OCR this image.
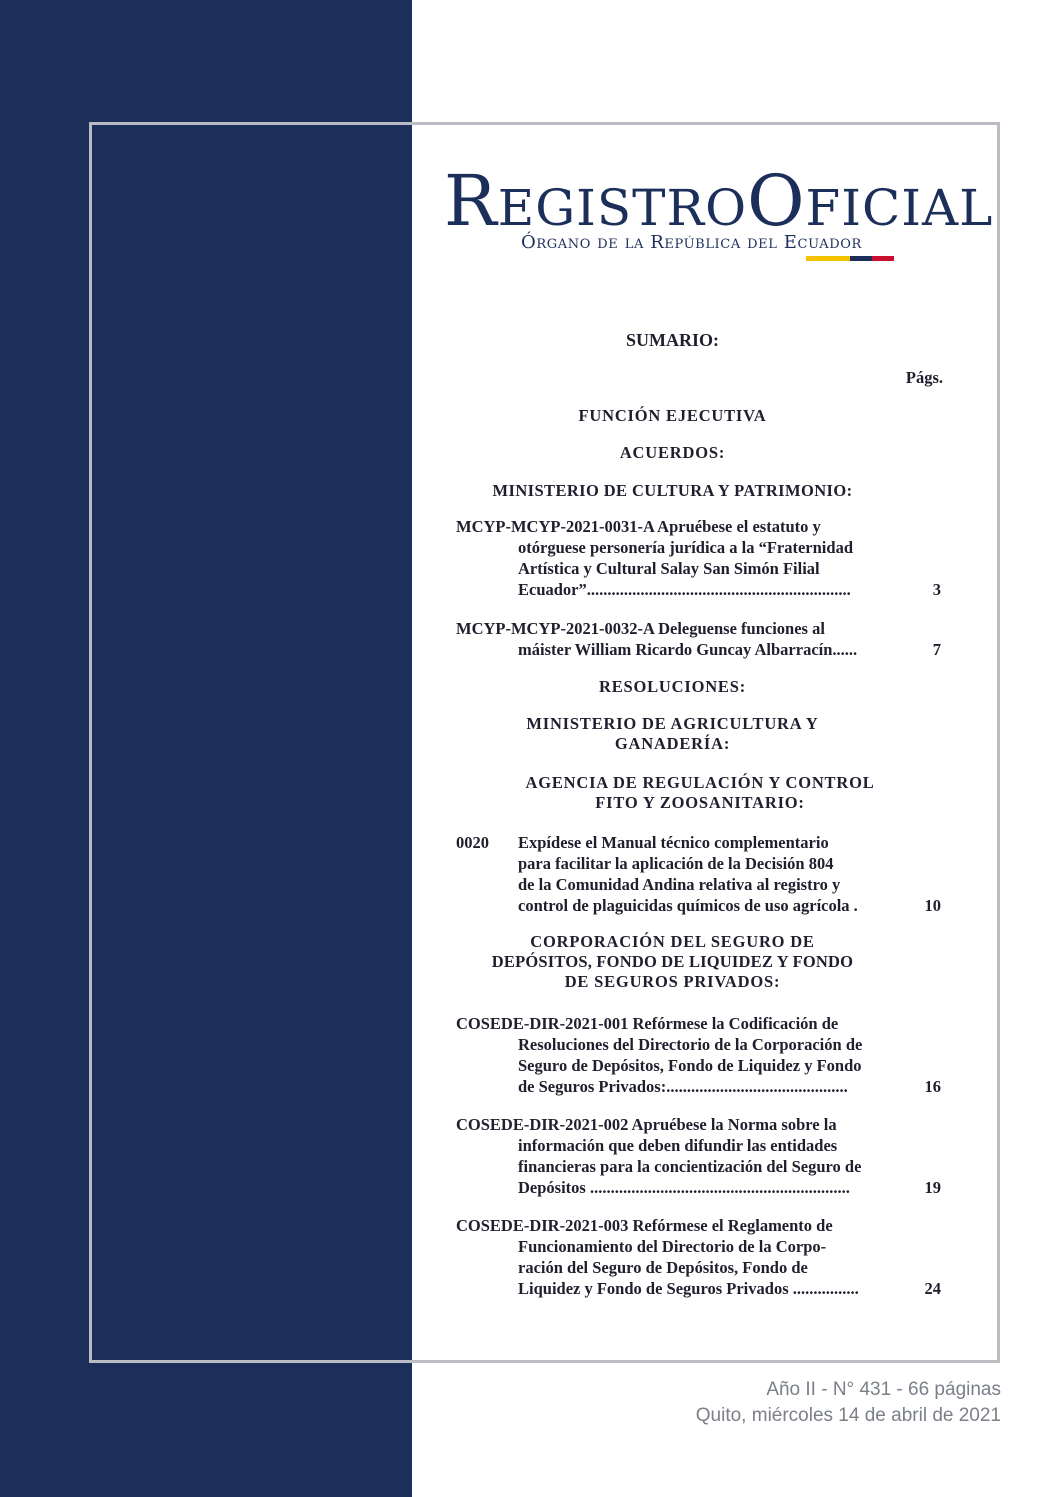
REGISTROOFICIAL
Órgano de la República del Ecuador
SUMARIO:
Págs.
FUNCIÓN EJECUTIVA
ACUERDOS:
MINISTERIO DE CULTURA Y PATRIMONIO:
MCYP-MCYP-2021-0031-A Apruébese el estatuto y
otórguese personería jurídica a la “Fraternidad
Artística y Cultural Salay San Simón Filial
Ecuador”................................................................	3
MCYP-MCYP-2021-0032-A Deleguense funciones al
máister William Ricardo Guncay Albarracín......	7
RESOLUCIONES:
MINISTERIO DE AGRICULTURA Y
GANADERÍA:
AGENCIA DE REGULACIÓN Y CONTROL
FITO Y ZOOSANITARIO:
0020	Expídese el Manual técnico complementario
para facilitar la aplicación de la Decisión 804
de la Comunidad Andina relativa al registro y
control de plaguicidas químicos de uso agrícola .	10
CORPORACIÓN DEL SEGURO DE
DEPÓSITOS, FONDO DE LIQUIDEZ Y FONDO
DE SEGUROS PRIVADOS:
COSEDE-DIR-2021-001 Refórmese la Codificación de
Resoluciones del Directorio de la Corporación de
Seguro de Depósitos, Fondo de Liquidez y Fondo
de Seguros Privados:............................................	16
COSEDE-DIR-2021-002 Apruébese la Norma sobre la
información que deben difundir las entidades
financieras para la concientización del Seguro de
Depósitos ...............................................................	19
COSEDE-DIR-2021-003 Refórmese el Reglamento de
Funcionamiento del Directorio de la Corpo-
ración del Seguro de Depósitos, Fondo de
Liquidez y Fondo de Seguros Privados ................	24
Año II - N° 431 - 66 páginas
Quito, miércoles 14 de abril de 2021
